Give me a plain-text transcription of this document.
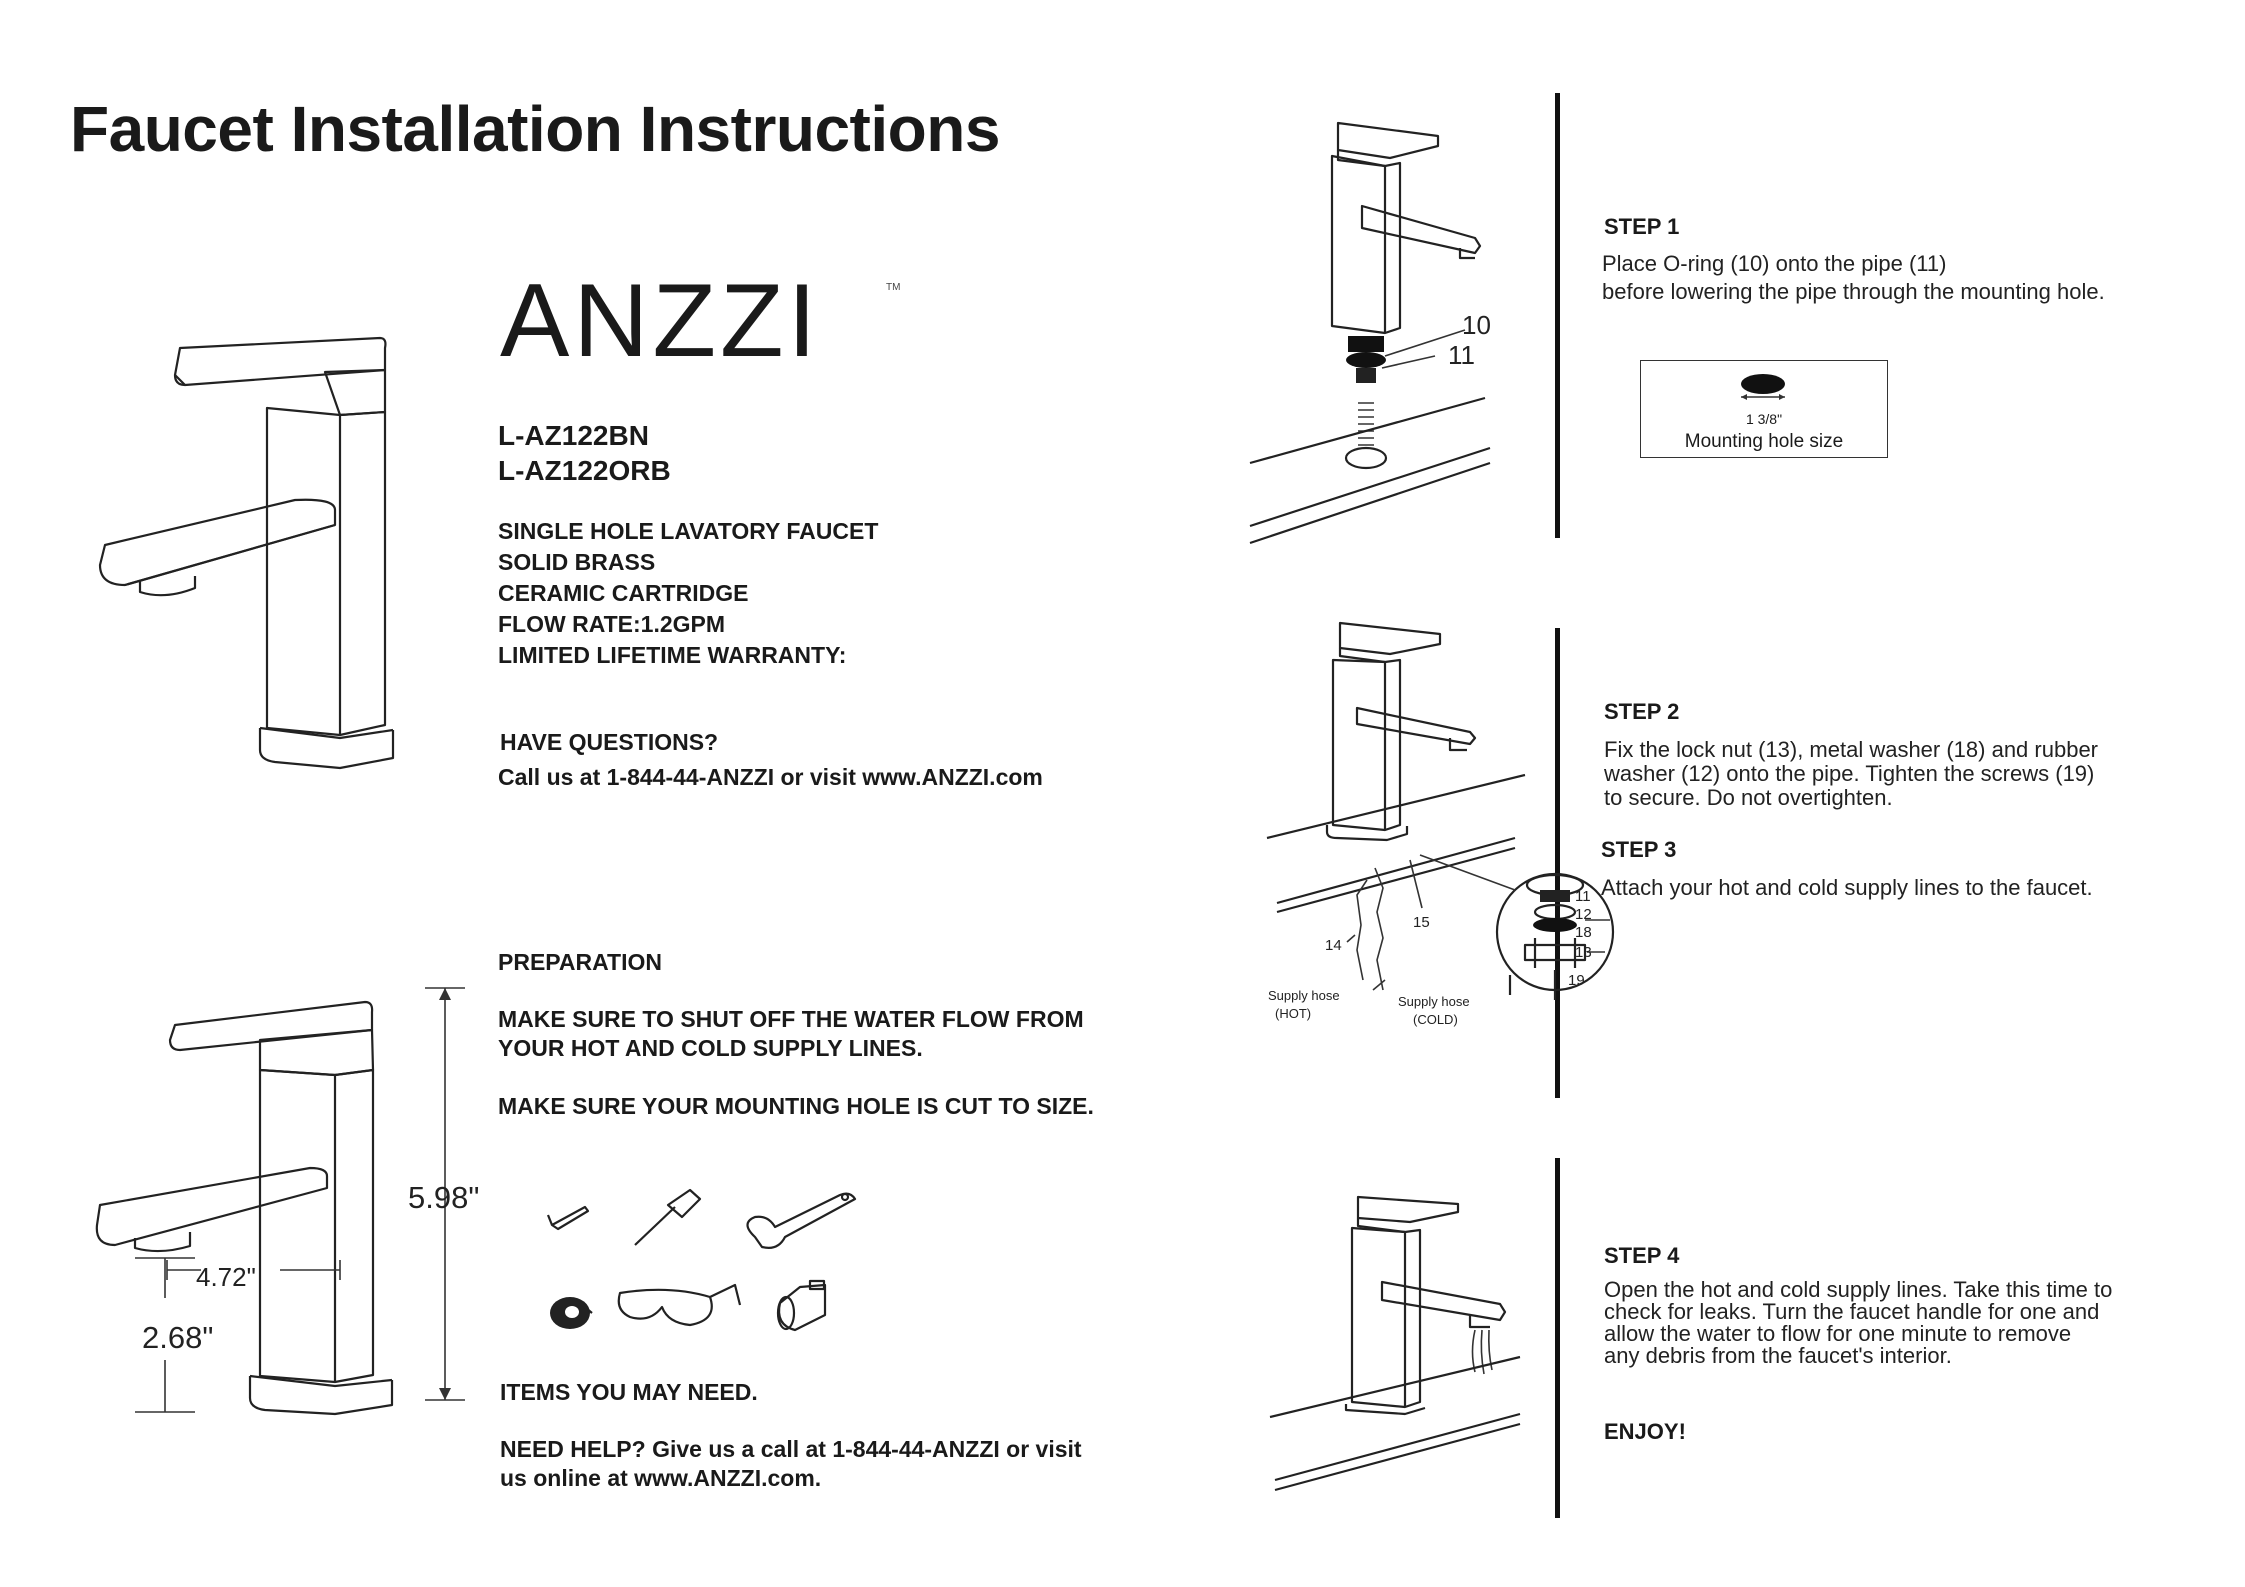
Faucet Installation Instructions
ANZZI	TM
L-AZ122BN
L-AZ122ORB
SINGLE HOLE LAVATORY FAUCET
SOLID BRASS
CERAMIC CARTRIDGE
FLOW RATE:1.2GPM
LIMITED LIFETIME WARRANTY:
HAVE QUESTIONS?
Call us at 1-844-44-ANZZI or visit www.ANZZI.com
PREPARATION
MAKE SURE TO SHUT OFF THE WATER FLOW FROM YOUR HOT AND COLD SUPPLY LINES.
MAKE SURE YOUR MOUNTING HOLE IS CUT TO SIZE.
ITEMS YOU MAY NEED.
NEED HELP? Give us a call at 1-844-44-ANZZI or visit us online at www.ANZZI.com.
5.98"
4.72"
2.68"
10
11
STEP 1
Place O-ring (10) onto the pipe (11)
before lowering the pipe through the mounting hole.
1 3/8"
Mounting hole size
11
12
18
13
19
14
15
Supply hose
(HOT)
Supply hose
(COLD)
STEP 2
Fix the lock nut (13), metal washer (18) and rubber
washer (12) onto the pipe. Tighten the screws (19)
to secure. Do not overtighten.
STEP 3
Attach your hot and cold supply lines to the faucet.
STEP 4
Open the hot and cold supply lines. Take this time to
check for leaks. Turn the faucet handle for one and
allow the water to flow for one minute to remove
any debris from the faucet's interior.
ENJOY!
